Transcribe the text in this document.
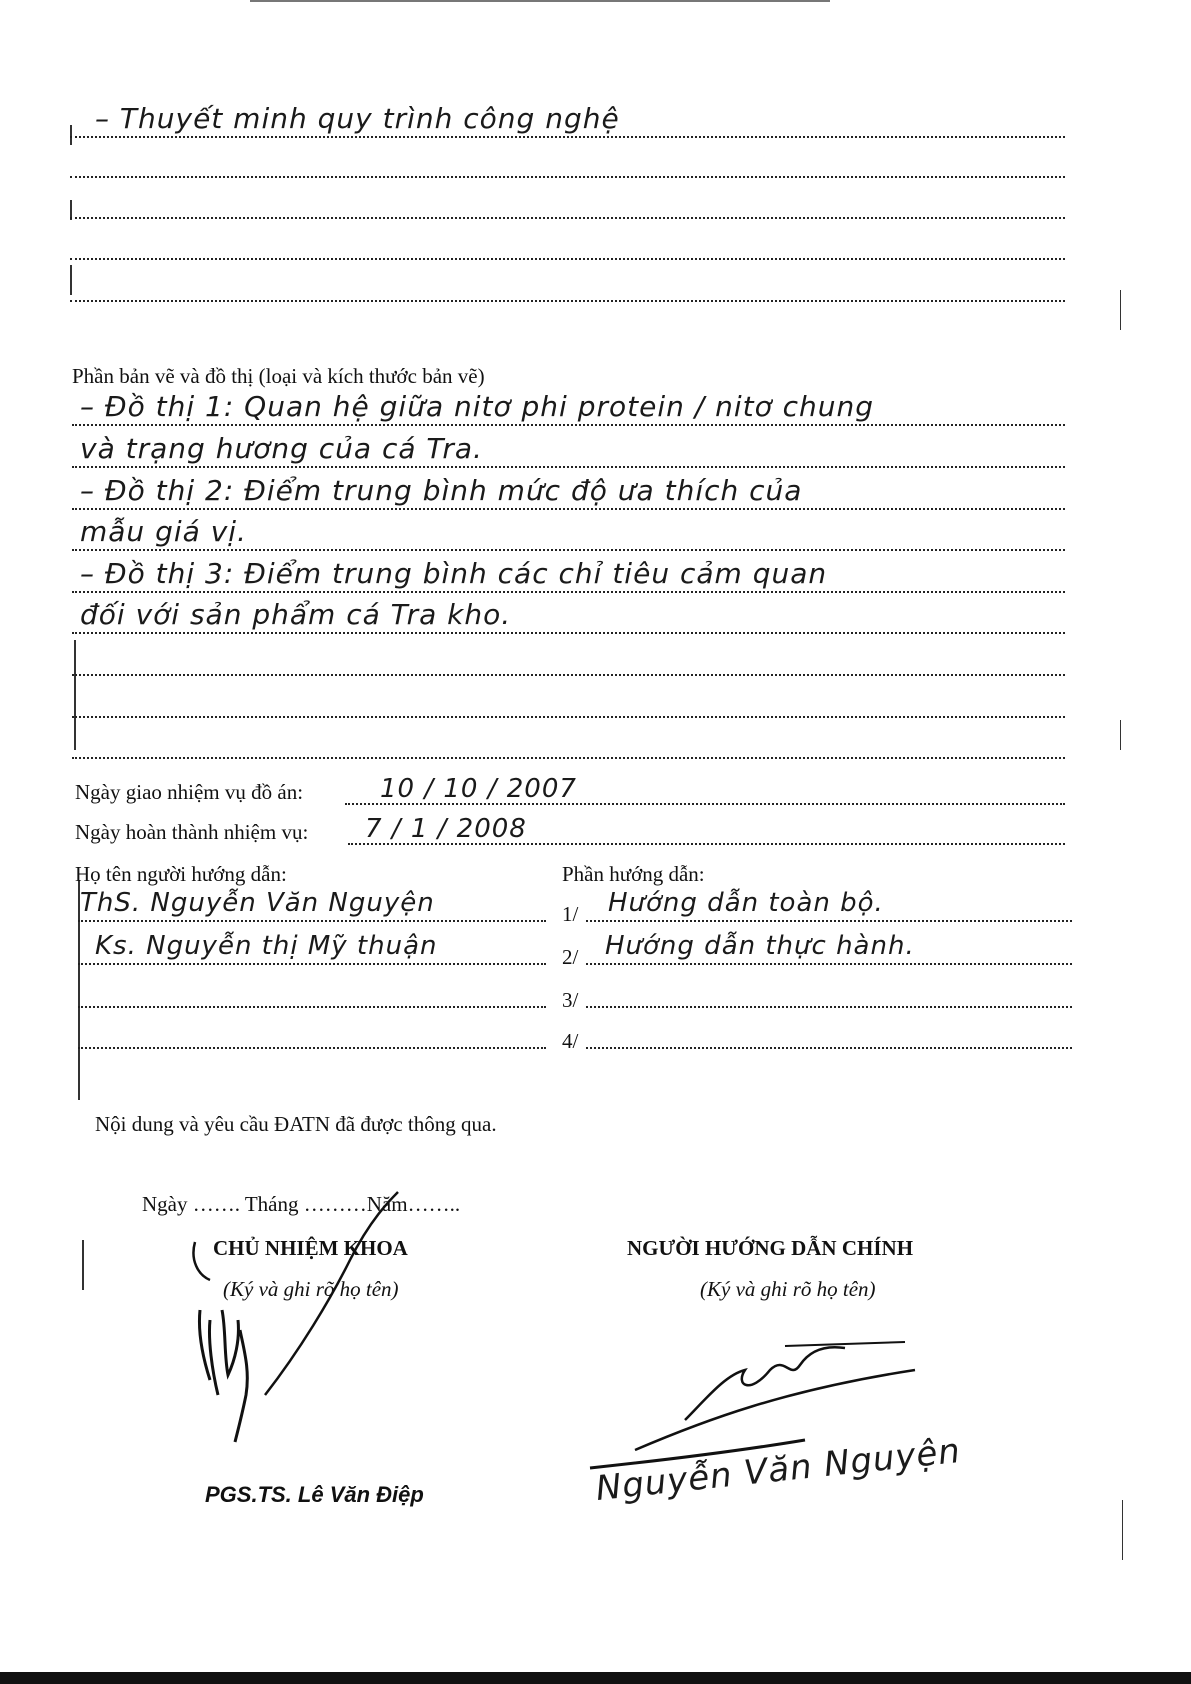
– Thuyết minh quy trình công nghệ
Phần bản vẽ và đồ thị (loại và kích thước bản vẽ)
– Đồ thị 1: Quan hệ giữa nitơ phi protein / nitơ chung
và trạng hương của cá Tra.
– Đồ thị 2: Điểm trung bình mức độ ưa thích của
mẫu giá vị.
– Đồ thị 3: Điểm trung bình các chỉ tiêu cảm quan
đối với sản phẩm cá Tra kho.
Ngày giao nhiệm vụ đồ án:	10 / 10 / 2007
Ngày hoàn thành nhiệm vụ: 7 / 1 / 2008
Họ tên người hướng dẫn:	Phần hướng dẫn:
ThS. Nguyễn Văn Nguyện	1/ Hướng dẫn toàn bộ.
Ks. Nguyễn thị Mỹ thuận	2/ Hướng dẫn thực hành.
3/
4/
Nội dung và yêu cầu ĐATN đã được thông qua.
Ngày ……. Tháng ………Năm……..
CHỦ NHIỆM KHOA
(Ký và ghi rõ họ tên)
PGS.TS. Lê Văn Điệp
NGƯỜI HƯỚNG DẪN CHÍNH
(Ký và ghi rõ họ tên)
Nguyễn Văn Nguyện
